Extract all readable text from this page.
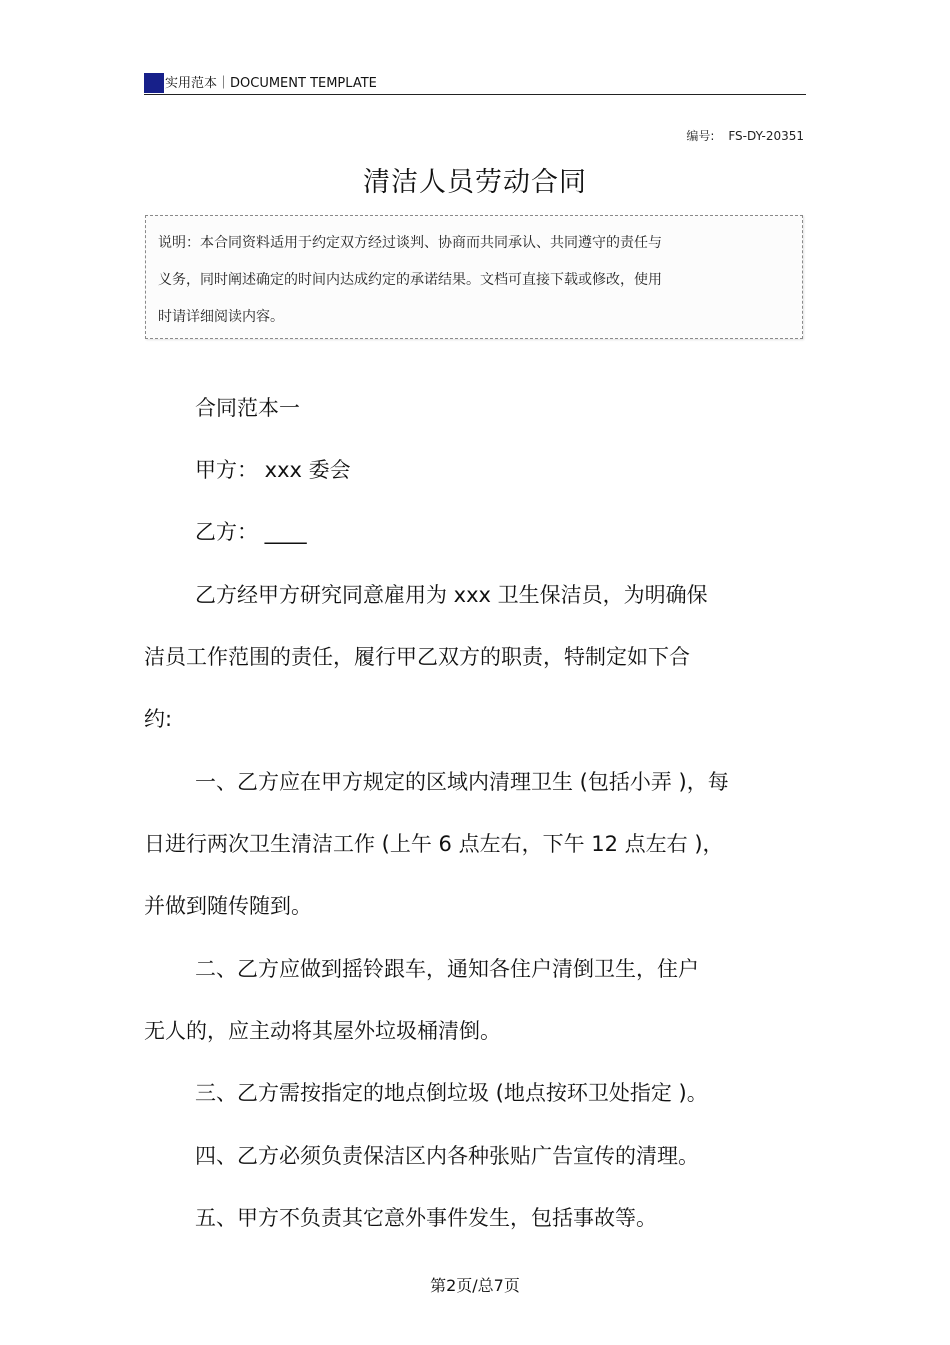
实用范本｜DOCUMENT TEMPLATE
编号: FS-DY-20351
清洁人员劳动合同
说明：本合同资料适用于约定双方经过谈判、协商而共同承认、共同遵守的责任与
义务，同时阐述确定的时间内达成约定的承诺结果。文档可直接下载或修改，使用
时请详细阅读内容。
合同范本一
甲方： xxx 委会
乙方： ____
乙方经甲方研究同意雇用为 xxx 卫生保洁员，为明确保
洁员工作范围的责任，履行甲乙双方的职责，特制定如下合
约:
一、乙方应在甲方规定的区域内清理卫生 (包括小弄 )，每
日进行两次卫生清洁工作 (上午 6 点左右，下午 12 点左右 )，
并做到随传随到。
二、乙方应做到摇铃跟车，通知各住户清倒卫生，住户
无人的，应主动将其屋外垃圾桶清倒。
三、乙方需按指定的地点倒垃圾 (地点按环卫处指定 )。
四、乙方必须负责保洁区内各种张贴广告宣传的清理。
五、甲方不负责其它意外事件发生，包括事故等。
第2页/总7页
